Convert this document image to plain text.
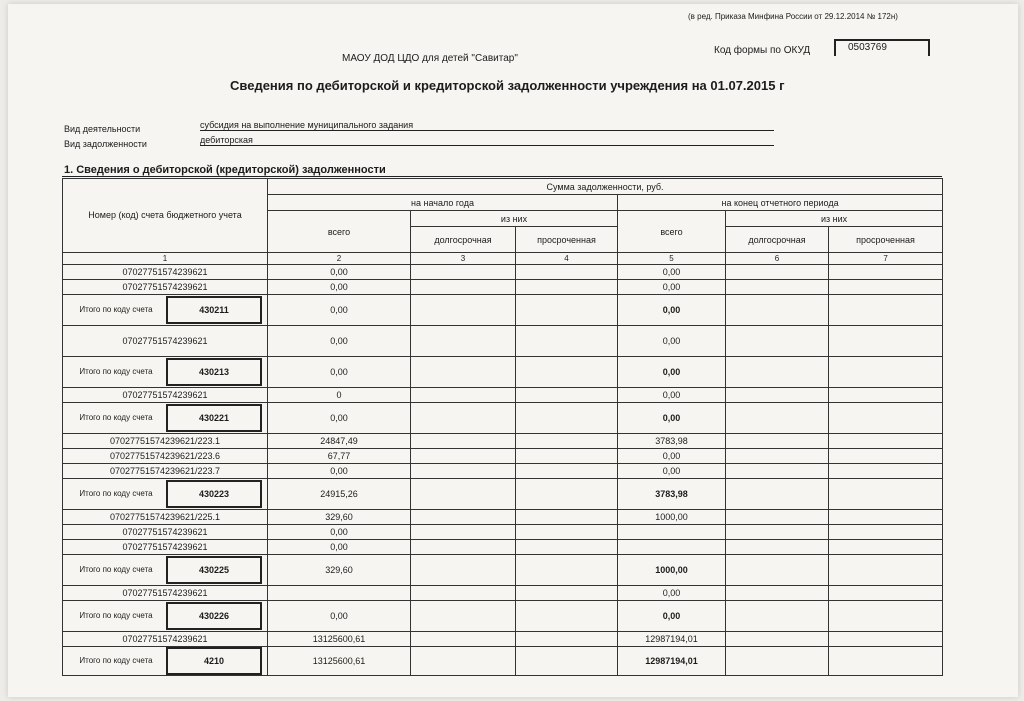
(в ред. Приказа Минфина России от 29.12.2014 № 172н)
МАОУ ДОД ЦДО для детей "Савитар"
Код формы по ОКУД	0503769
Сведения по дебиторской и кредиторской задолженности учреждения на 01.07.2015 г
Вид деятельности	субсидия на выполнение муниципального задания
Вид задолженности	дебиторская
1. Сведения о дебиторской (кредиторской) задолженности
Номер (код) счета бюджетного учета	Сумма задолженности, руб.					
	на начало года			на конец отчетного периода		
	всего	из них		всего	из них	
		долгосрочная	просроченная		долгосрочная	просроченная
1	2	3	4	5	6	7
07027751574239621	0,00			0,00		
07027751574239621	0,00			0,00		

Итого по коду счета 430211	0,00			0,00		
07027751574239621	0,00			0,00		

Итого по коду счета 430213	0,00			0,00		
07027751574239621	0			0,00		

Итого по коду счета 430221	0,00			0,00		
07027751574239621/223.1	24847,49			3783,98		
07027751574239621/223.6	67,77			0,00		
07027751574239621/223.7	0,00			0,00		

Итого по коду счета 430223	24915,26			3783,98		
07027751574239621/225.1	329,60			1000,00		
07027751574239621	0,00					
07027751574239621	0,00					

Итого по коду счета 430225	329,60			1000,00		
07027751574239621				0,00		

Итого по коду счета 430226	0,00			0,00		
07027751574239621	13125600,61			12987194,01		

Итого по коду счета 4210	13125600,61			12987194,01		
